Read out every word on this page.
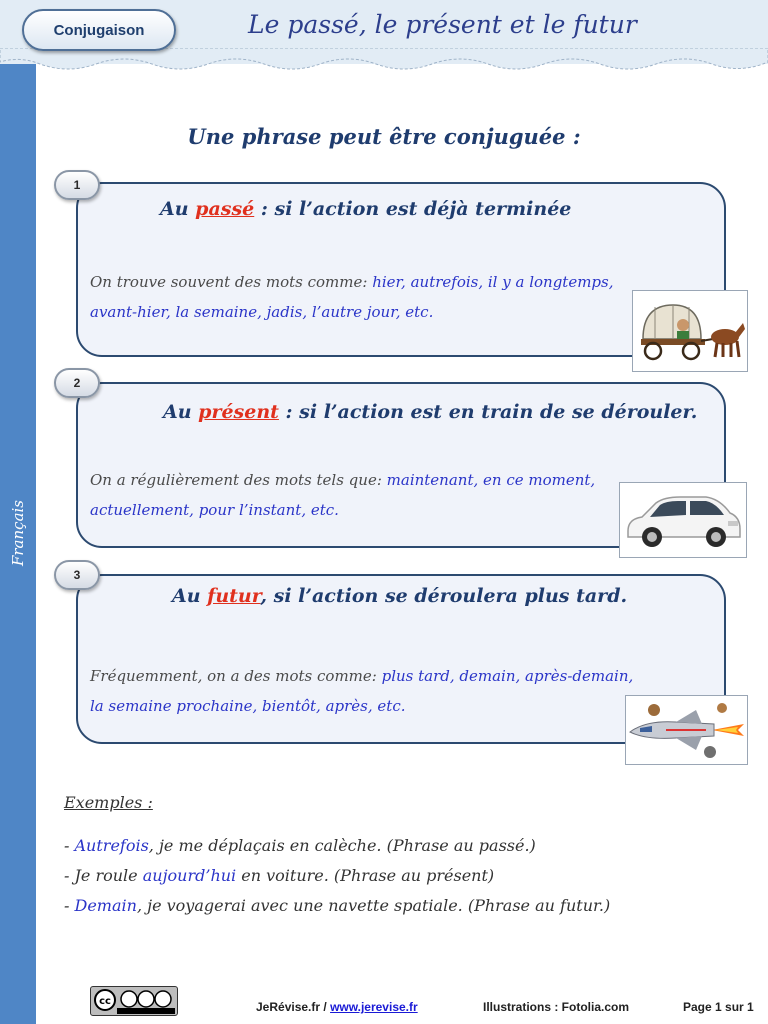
Conjugaison	Le passé, le présent et le futur
Français
Une phrase peut être conjuguée :
1
Au passé : si l’action est déjà terminée
On trouve souvent des mots comme: hier, autrefois, il y a longtemps,
avant-hier, la semaine, jadis, l’autre jour, etc.
2
Au présent : si l’action est en train de se dérouler.
On a régulièrement des mots tels que: maintenant, en ce moment,
actuellement, pour l’instant, etc.
3
Au futur, si l’action se déroulera plus tard.
Fréquemment, on a des mots comme: plus tard, demain, après-demain,
la semaine prochaine, bientôt, après, etc.
Exemples :
- Autrefois, je me déplaçais en calèche. (Phrase au passé.)
- Je roule aujourd’hui en voiture. (Phrase au présent)
- Demain, je voyagerai avec une navette spatiale. (Phrase au futur.)
cc	JeRévise.fr / www.jerevise.fr	Illustrations : Fotolia.com	Page 1 sur 1
